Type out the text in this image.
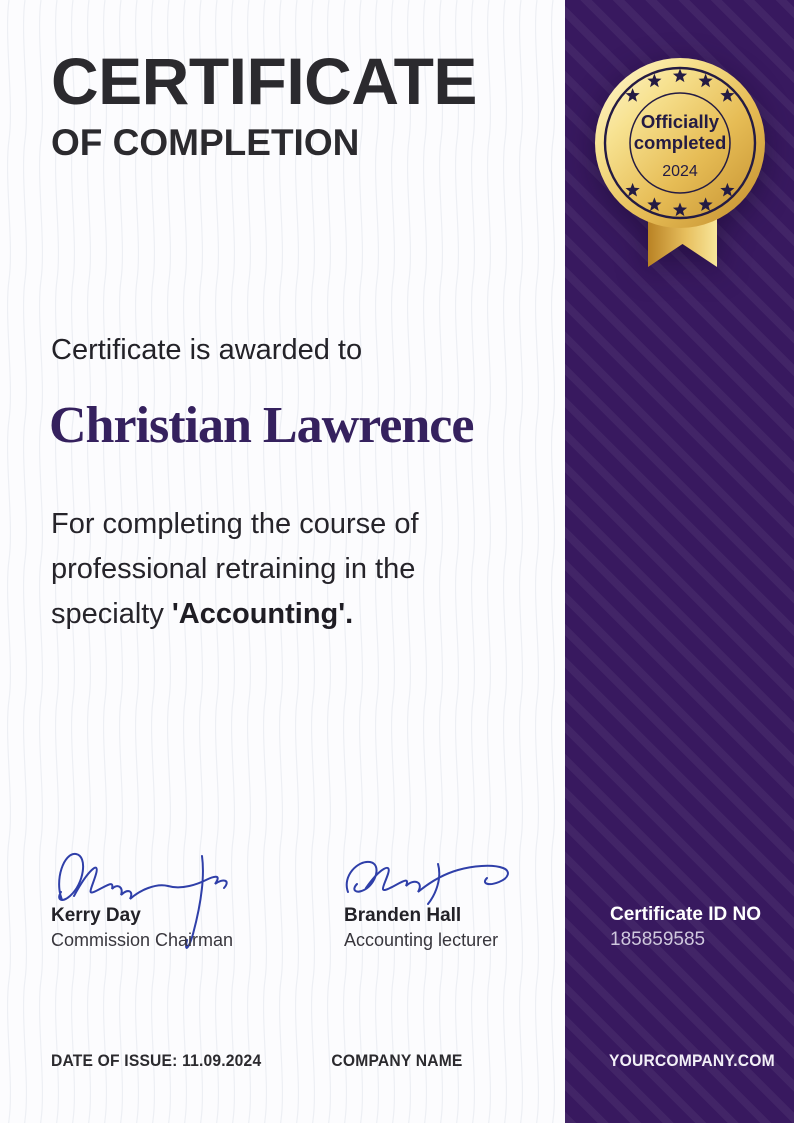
Officially
completed
2024
CERTIFICATE
OF COMPLETION

Certificate is awarded to

Christian Lawrence

For completing the course of professional retraining in the specialty 'Accounting'.

Kerry Day

Commission Chairman

Branden Hall

Accounting lecturer

Certificate ID NO

185859585

DATE OF ISSUE: 11.09.2024	COMPANY NAME	YOURCOMPANY.COM
